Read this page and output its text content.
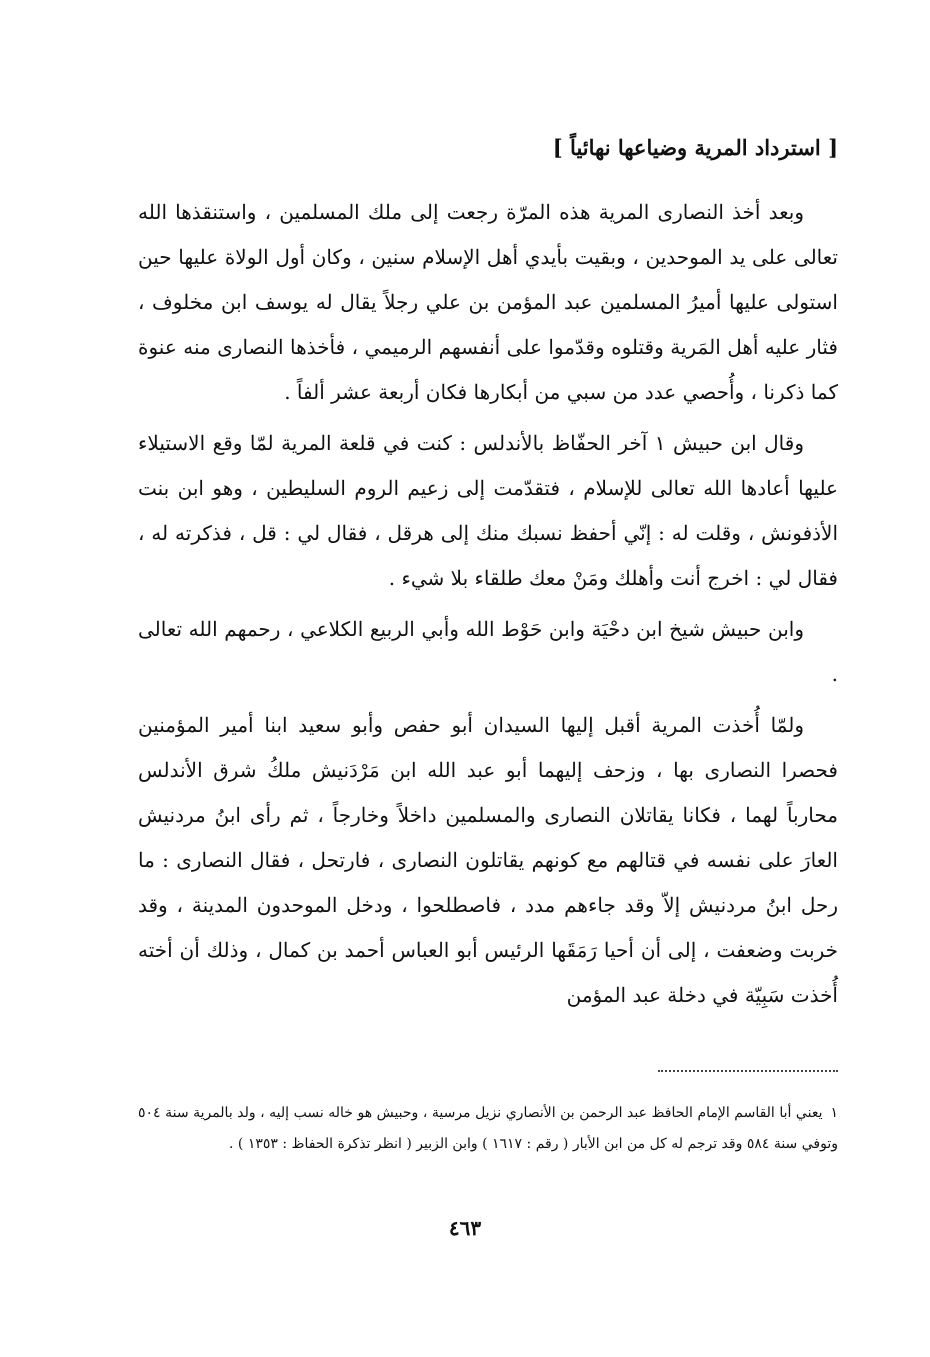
[ استرداد المرية وضياعها نهائياً ]

وبعد أخذ النصارى المرية هذه المرّة رجعت إلى ملك المسلمين ، واستنقذها الله تعالى على يد الموحدين ، وبقيت بأيدي أهل الإسلام سنين ، وكان أول الولاة عليها حين استولى عليها أميرُ المسلمين عبد المؤمن بن علي رجلاً يقال له يوسف ابن مخلوف ، فثار عليه أهل المَرية وقتلوه وقدّموا على أنفسهم الرميمي ، فأخذها النصارى منه عنوة كما ذكرنا ، وأُحصي عدد من سبي من أبكارها فكان أربعة عشر ألفاً .

وقال ابن حبيش ١ آخر الحفّاظ بالأندلس : كنت في قلعة المرية لمّا وقع الاستيلاء عليها أعادها الله تعالى للإسلام ، فتقدّمت إلى زعيم الروم السليطين ، وهو ابن بنت الأذفونش ، وقلت له : إنّي أحفظ نسبك منك إلى هرقل ، فقال لي : قل ، فذكرته له ، فقال لي : اخرج أنت وأهلك ومَنْ معك طلقاء بلا شيء .

وابن حبيش شيخ ابن دحْيَة وابن حَوْط الله وأبي الربيع الكلاعي ، رحمهم الله تعالى .

ولمّا أُخذت المرية أقبل إليها السيدان أبو حفص وأبو سعيد ابنا أمير المؤمنين فحصرا النصارى بها ، وزحف إليهما أبو عبد الله ابن مَرْدَنيش ملكُ شرق الأندلس محارباً لهما ، فكانا يقاتلان النصارى والمسلمين داخلاً وخارجاً ، ثم رأى ابنُ مردنيش العارَ على نفسه في قتالهم مع كونهم يقاتلون النصارى ، فارتحل ، فقال النصارى : ما رحل ابنُ مردنيش إلاّ وقد جاءهم مدد ، فاصطلحوا ، ودخل الموحدون المدينة ، وقد خربت وضعفت ، إلى أن أحيا رَمَقَها الرئيس أبو العباس أحمد بن كمال ، وذلك أن أخته أُخذت سَبِيّة في دخلة عبد المؤمن

١يعني أبا القاسم الإمام الحافظ عبد الرحمن بن الأنصاري نزيل مرسية ، وحبيش هو خاله نسب إليه ، ولد بالمرية سنة ٥٠٤ وتوفي سنة ٥٨٤ وقد ترجم له كل من ابن الأبار ( رقم : ١٦١٧ ) وابن الزبير ( انظر تذكرة الحفاظ : ١٣٥٣ ) .
٤٦٣
